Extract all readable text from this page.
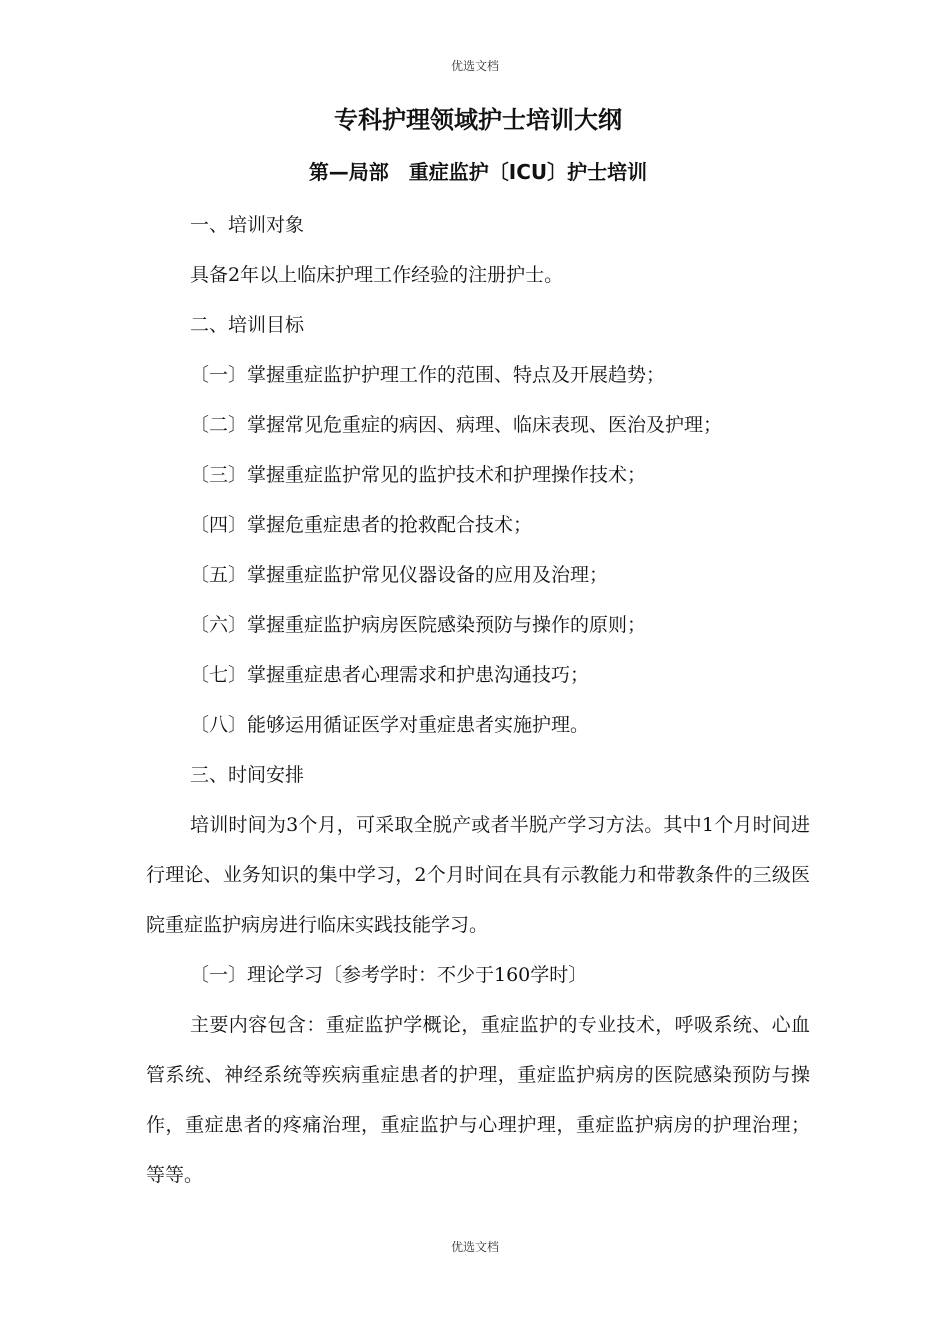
优选文档
专科护理领域护士培训大纲
第—局部　重症监护〔ICU〕护士培训

一、培训对象

具备2年以上临床护理工作经验的注册护士。

二、培训目标

〔一〕掌握重症监护护理工作的范围、特点及开展趋势；

〔二〕掌握常见危重症的病因、病理、临床表现、医治及护理；

〔三〕掌握重症监护常见的监护技术和护理操作技术；

〔四〕掌握危重症患者的抢救配合技术；

〔五〕掌握重症监护常见仪器设备的应用及治理；

〔六〕掌握重症监护病房医院感染预防与操作的原则；

〔七〕掌握重症患者心理需求和护患沟通技巧；

〔八〕能够运用循证医学对重症患者实施护理。

三、时间安排

培训时间为3个月，可采取全脱产或者半脱产学习方法。其中1个月时间进行理论、业务知识的集中学习，2个月时间在具有示教能力和带教条件的三级医院重症监护病房进行临床实践技能学习。

〔一〕理论学习〔参考学时：不少于160学时〕

主要内容包含：重症监护学概论，重症监护的专业技术，呼吸系统、心血管系统、神经系统等疾病重症患者的护理，重症监护病房的医院感染预防与操作，重症患者的疼痛治理，重症监护与心理护理，重症监护病房的护理治理；等等。

优选文档
